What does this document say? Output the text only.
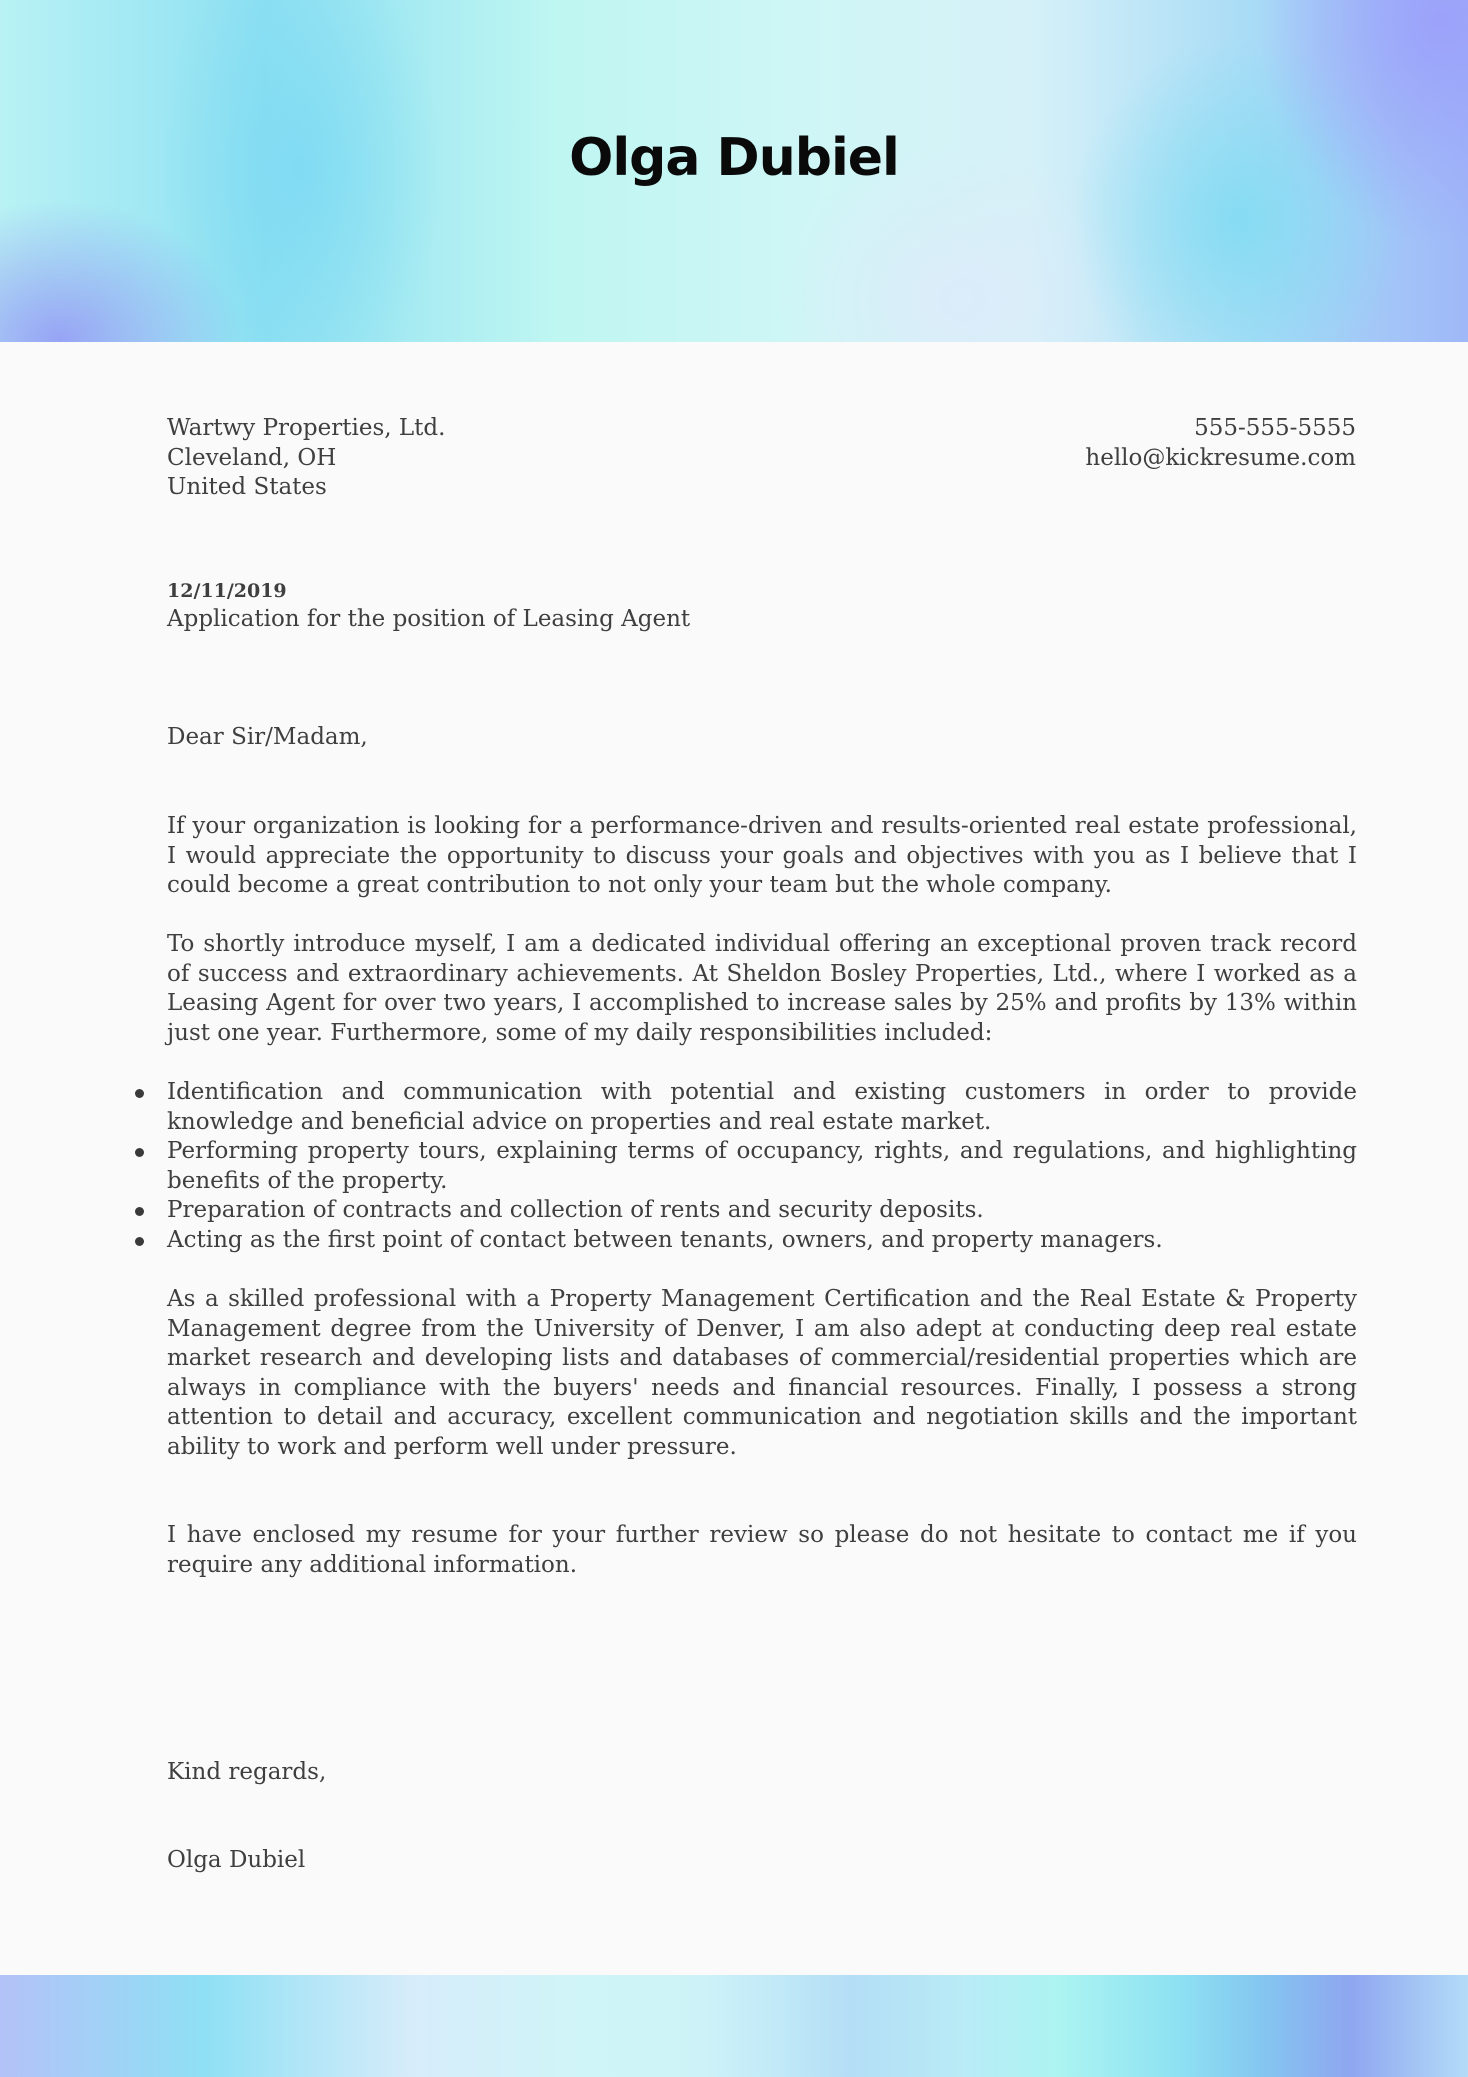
Olga Dubiel
Wartwy Properties, Ltd.
Cleveland, OH
United States
555-555-5555
hello@kickresume.com
12/11/2019
Application for the position of Leasing Agent
Dear Sir/Madam,

If your organization is looking for a performance-driven and results-oriented real estate professional, I would appreciate the opportunity to discuss your goals and objectives with you as I believe that I could become a great contribution to not only your team but the whole company.

To shortly introduce myself, I am a dedicated individual offering an exceptional proven track record of success and extraordinary achievements. At Sheldon Bosley Properties, Ltd., where I worked as a Leasing Agent for over two years, I accomplished to increase sales by 25% and profits by 13% within just one year. Furthermore, some of my daily responsibilities included:

Identification and communication with potential and existing customers in order to provide knowledge and beneficial advice on properties and real estate market.
Performing property tours, explaining terms of occupancy, rights, and regulations, and highlighting benefits of the property.
Preparation of contracts and collection of rents and security deposits.
Acting as the first point of contact between tenants, owners, and property managers.

As a skilled professional with a Property Management Certification and the Real Estate & Property Management degree from the University of Denver, I am also adept at conducting deep real estate market research and developing lists and databases of commercial/residential properties which are always in compliance with the buyers' needs and financial resources. Finally, I possess a strong attention to detail and accuracy, excellent communication and negotiation skills and the important ability to work and perform well under pressure.

I have enclosed my resume for your further review so please do not hesitate to contact me if you require any additional information.

Kind regards,
Olga Dubiel
